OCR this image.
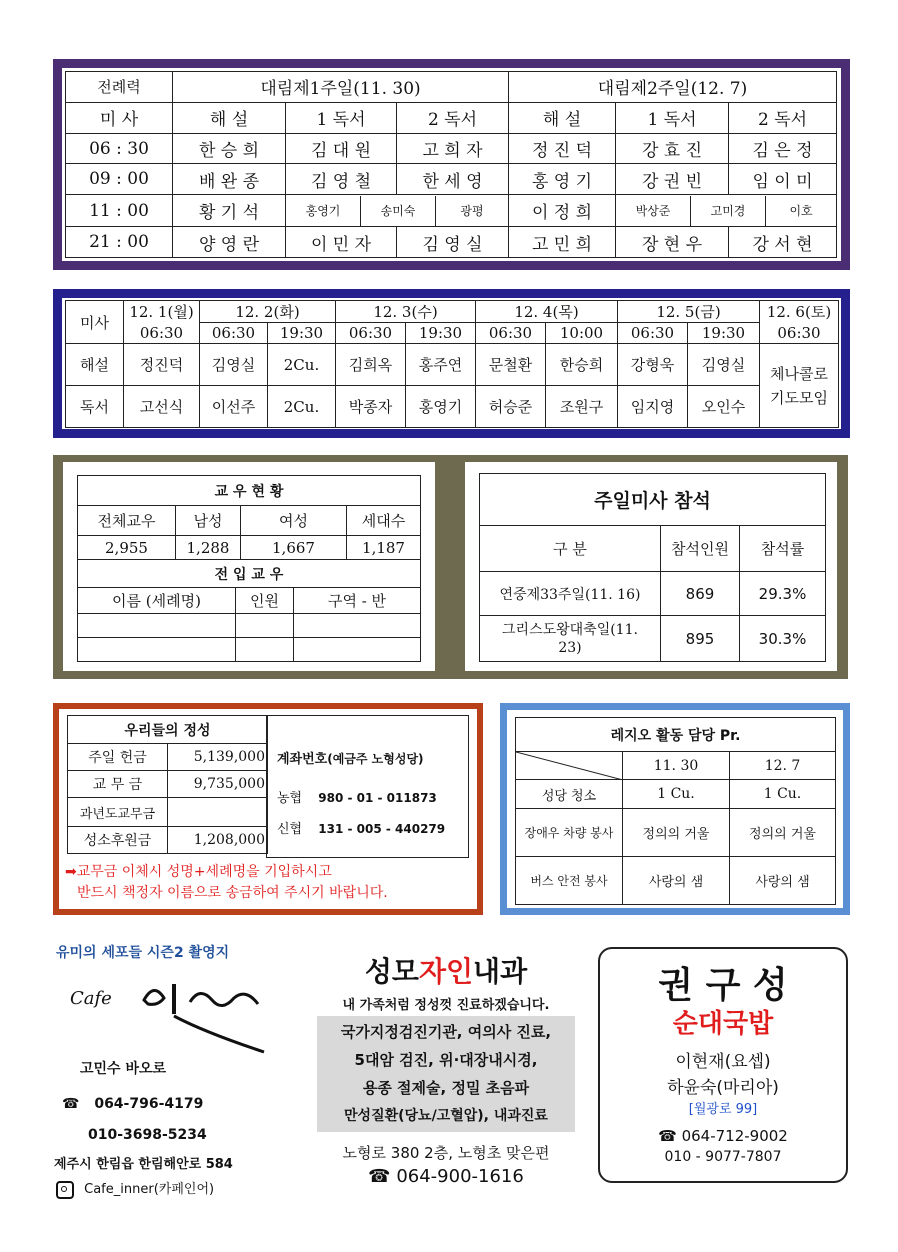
전례력	대림제1주일(11. 30)			대림제2주일(12. 7)		
미 사	해 설	1 독서	2 독서	해 설	1 독서	2 독서
06 : 30	한 승 희	김 대 원	고 희 자	정 진 덕	강 효 진	김 은 정
09 : 00	배 완 종	김 영 철	한 세 영	홍 영 기	강 권 빈	임 이 미
11 : 00	황 기 석	홍영기 송미숙 광평		이 정 희	박상준 고미경 이호	

21 : 00	양 영 란	이 민 자	김 영 실	고 민 희	장 현 우	강 서 현
미사	12. 1(월)	12. 2(화)		12. 3(수)		12. 4(목)		12. 5(금)		12. 6(토)
	06:30	06:30	19:30	06:30	19:30	06:30	10:00	06:30	19:30	06:30
해설	정진덕	김영실	2Cu.	김희옥	홍주연	문철환	한승희	강형욱	김영실	체나콜로
기도모임

독서	고선식	이선주	2Cu.	박종자	홍영기	허승준	조원구	임지영	오인수	
교 우 현 황			
전체교우	남성	여성	세대수
2,955	1,288	1,667	1,187
전 입 교 우		
이름 (세례명)	인원	구역 - 반

주일미사 참석		
구 분	참석인원	참석률
연중제33주일(11. 16)	869	29.3%

그리스도왕대축일(11.
23)	895	30.3%
우리들의 정성	
주일 헌금	5,139,000
교 무 금	9,735,000
과년도교무금	
성소후원금	1,208,000
계좌번호(예금주 노형성당)
농협 980 - 01 - 011873
신협 131 - 005 - 440279
➡교무금 이체시 성명+세례명을 기입하시고
반드시 책정자 이름으로 송금하여 주시기 바랍니다.
레지오 활동 담당 Pr.		

	11. 30	12. 7
성당 청소	1 Cu.	1 Cu.
장애우 차량 봉사	정의의 거울	정의의 거울
버스 안전 봉사	사랑의 샘	사랑의 샘
유미의 세포들 시즌2 촬영지
Cafe
고민수 바오로
☎ 064-796-4179
010-3698-5234
제주시 한림읍 한림해안로 584
Cafe_inner(카페인어)
성모자인내과
내 가족처럼 정성껏 진료하겠습니다.
국가지정검진기관, 여의사 진료,
5대암 검진, 위·대장내시경,
용종 절제술, 정밀 초음파
만성질환(당뇨/고혈압), 내과진료
노형로 380 2층, 노형초 맞은편
☎ 064-900-1616
권 구 성
순대국밥
이현재(요셉)
하윤숙(마리아)
[월광로 99]
☎ 064-712-9002
010 - 9077-7807
